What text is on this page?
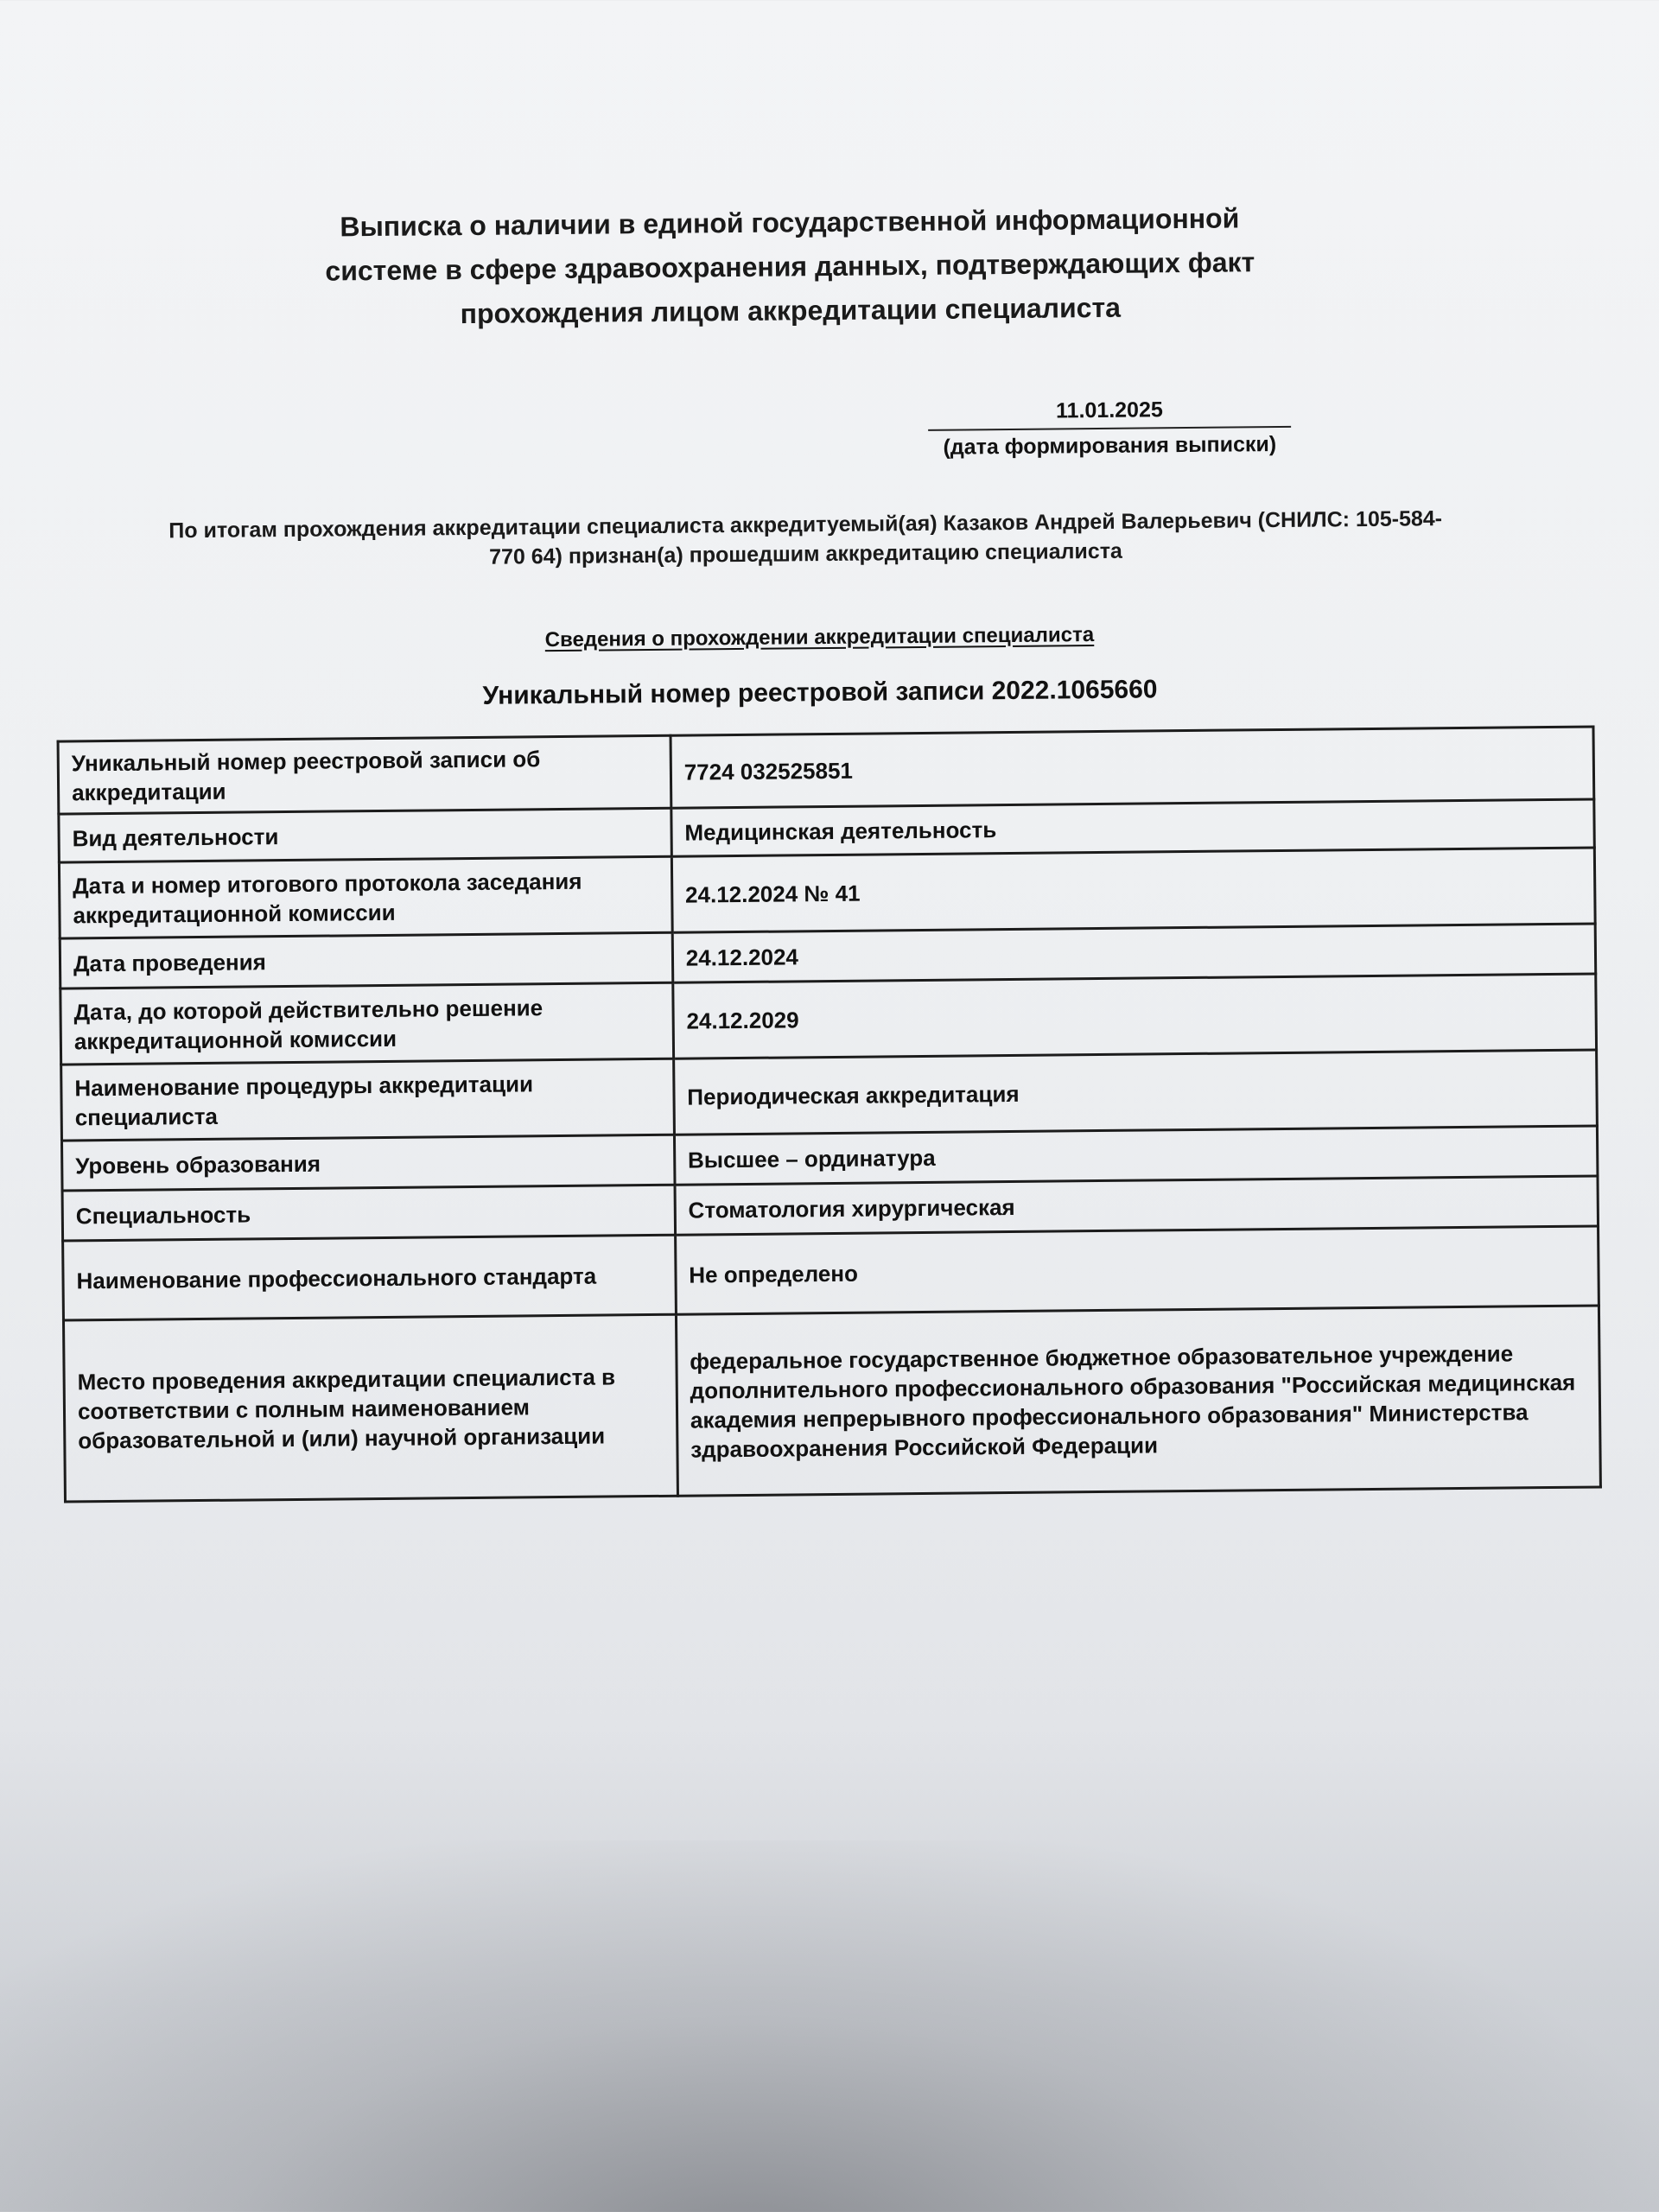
Выписка о наличии в единой государственной информационной
системе в сфере здравоохранения данных, подтверждающих факт
прохождения лицом аккредитации специалиста
11.01.2025
(дата формирования выписки)
По итогам прохождения аккредитации специалиста аккредитуемый(ая) Казаков Андрей Валерьевич (СНИЛС: 105-584-
770 64) признан(а) прошедшим аккредитацию специалиста
Сведения о прохождении аккредитации специалиста
Уникальный номер реестровой записи 2022.1065660
Уникальный номер реестровой записи об аккредитации	7724 032525851
Вид деятельности	Медицинская деятельность
Дата и номер итогового протокола заседания аккредитационной комиссии	24.12.2024 № 41
Дата проведения	24.12.2024
Дата, до которой действительно решение аккредитационной комиссии	24.12.2029
Наименование процедуры аккредитации специалиста	Периодическая аккредитация
Уровень образования	Высшее – ординатура
Специальность	Стоматология хирургическая
Наименование профессионального стандарта	Не определено
Место проведения аккредитации специалиста в соответствии с полным наименованием образовательной и (или) научной организации	федеральное государственное бюджетное образовательное учреждение дополнительного профессионального образования "Российская медицинская академия непрерывного профессионального образования" Министерства здравоохранения Российской Федерации
